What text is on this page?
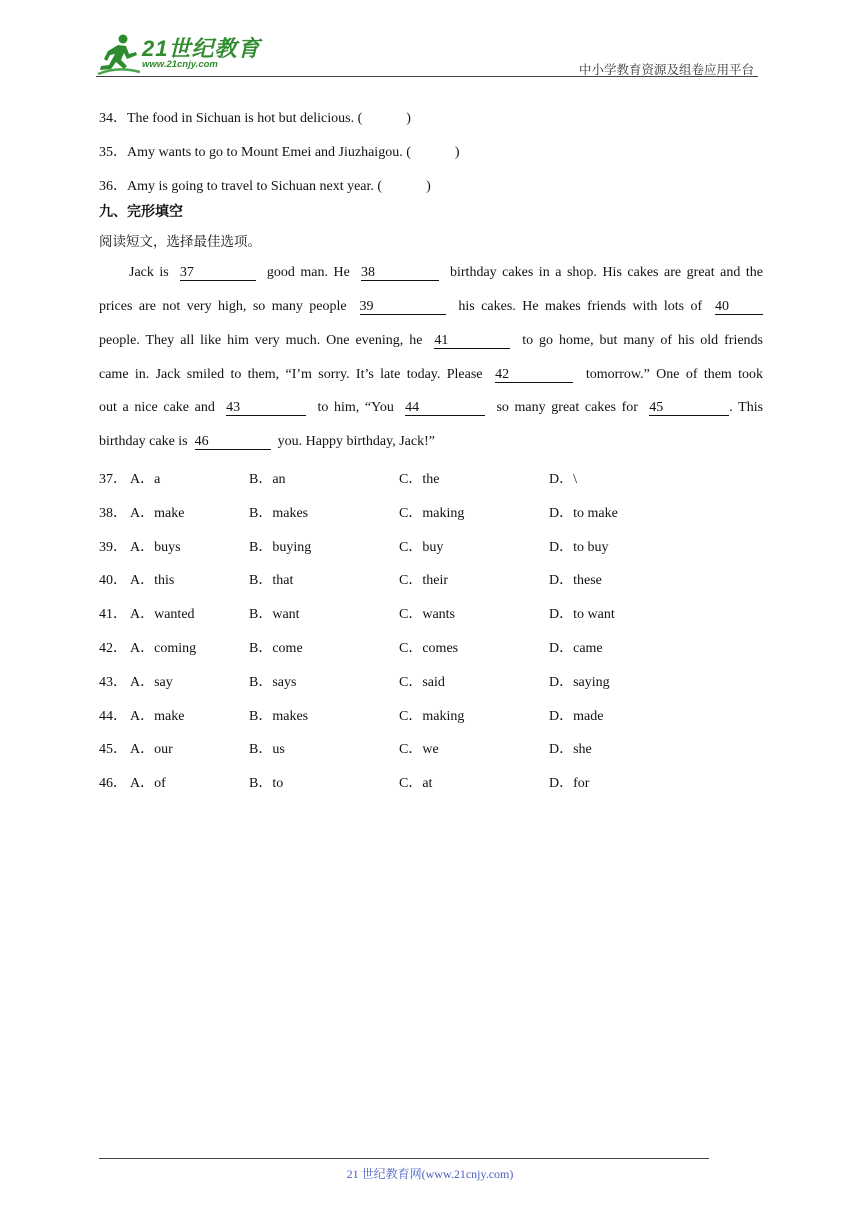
21世纪教育
www.21cnjy.com	中小学教育资源及组卷应用平台
34．The food in Sichuan is hot but delicious. (	)
35．Amy wants to go to Mount Emei and Jiuzhaigou. (	)
36．Amy is going to travel to Sichuan next year. (	)
九、完形填空
阅读短文，选择最佳选项。
Jack is 37	good man. He 38	birthday cakes in a shop. His cakes are great and the
prices are not very high, so many people 39	his cakes. He makes friends with lots of 40
people. They all like him very much. One evening, he 41	to go home, but many of his old friends
came in. Jack smiled to them, “I’m sorry. It’s late today. Please 42	tomorrow.” One of them took
out a nice cake and 43	to him, “You 44	so many great cakes for 45	. This
birthday cake is 46	you. Happy birthday, Jack!”
37． A．a	B．an	C．the	D．\
38． A．make	B．makes	C．making	D．to make
39． A．buys	B．buying	C．buy	D．to buy
40． A．this	B．that	C．their	D．these
41． A．wanted	B．want	C．wants	D．to want
42． A．coming	B．come	C．comes	D．came
43． A．say	B．says	C．said	D．saying
44． A．make	B．makes	C．making	D．made
45． A．our	B．us	C．we	D．she
46． A．of	B．to	C．at	D．for
21 世纪教育网(www.21cnjy.com)
